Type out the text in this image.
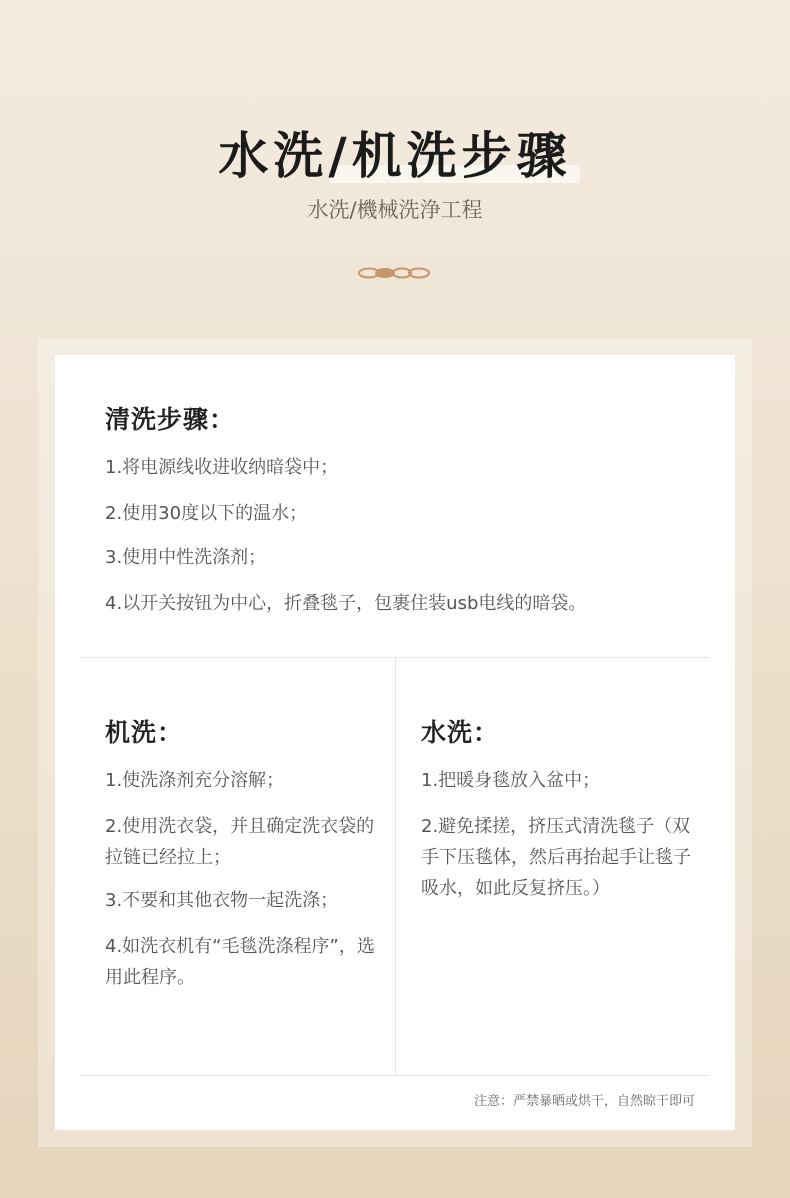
水洗/机洗步骤
水洗/機械洗浄工程
清洗步骤：
1.将电源线收进收纳暗袋中；
2.使用30度以下的温水；
3.使用中性洗涤剂；
4.以开关按钮为中心，折叠毯子，包裹住装usb电线的暗袋。
机洗：
1.使洗涤剂充分溶解；
2.使用洗衣袋，并且确定洗衣袋的拉链已经拉上；
3.不要和其他衣物一起洗涤；
4.如洗衣机有“毛毯洗涤程序”，选用此程序。
水洗：
1.把暖身毯放入盆中；
2.避免揉搓，挤压式清洗毯子（双手下压毯体，然后再抬起手让毯子吸水，如此反复挤压。）
注意：严禁暴晒或烘干，自然晾干即可
